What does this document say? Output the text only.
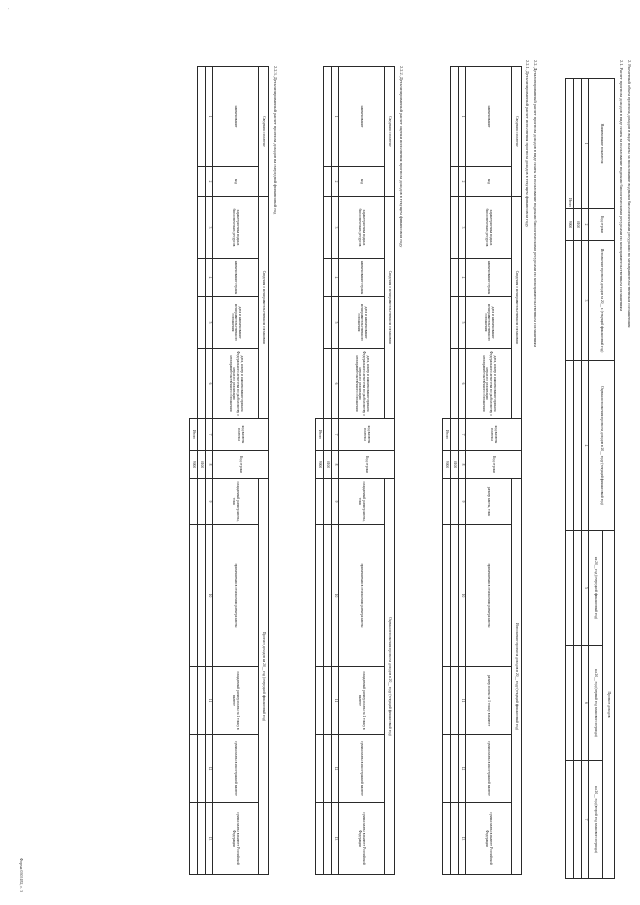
Форма 0505182, с. 3
·
2. Расчетный объем прогноза доходов в виде платы за пользование водными биологическими ресурсами по межправительственным соглашениям
2.1. Расчет прогноза доходов в виде платы за пользование водными биологическими ресурсами по межправительственным соглашениям
Наименование показателя	Код строки	Исполнение прогноза доходов за 20__ г. (текущий финансовый год)	Оценка исполнения прогноза доходов в 20__ году (текущий финансовый год)	Прогноз доходов		
				на 20__ год (очередной финансовый год)	на 20__ год (первый год планового периода)	на 20__ год (второй год планового периода)
1	2	3	4	5	6	7
	0100					
Итого	9000					
2.2. Детализированный расчет прогноза доходов в виде платы за пользование водными биологическими ресурсами по межправительственным соглашениям
2.2.1. Детализированный расчет исполнения прогноза доходов в текущем финансовом году
Сведения о платеже		Сведения о межправительственном соглашении				код валюты платежа	Код строки	Исполнение прогноза доходов в 20__ году (текущий финансовый год)				
наименование	код	характеристика водных биологических ресурсов	наименование страны	дата и наименование межправительственного соглашения	дата, номер и наименование приказа Федерального агентства по рыболовству о мерах по реализации межправительственного соглашения			размер квоты, тонн	применяемая в отношении размера квоты	размер платы за 1 тонну в валюте	сумма платы в иностранной валюте	сумма платы в валюте Российской Федерации
1	2	3	4	5	6	7	8	9	10	11	12	13
							0100					
						Итого	9000					
2.2.2. Детализированный расчет оценки исполнения прогноза доходов в текущем финансовом году
Сведения о платеже		Сведения о межправительственном соглашении				код валюты платежа	Код строки	Оценка исполнения прогноза доходов в 20__ году (текущий финансовый год)				
наименование	код	характеристика водных биологических ресурсов	наименование страны	дата и наименование межправительственного соглашения	дата, номер и наименование приказа Федерального агентства по рыболовству о мерах по реализации межправительственного соглашения			ожидаемый размер квоты, тонн	применяемая в отношении размера квоты	ожидаемый размер платы за 1 тонну в валюте	сумма платы в иностранной валюте	сумма платы в валюте Российской Федерации
1	2	3	4	5	6	7	8	9	10	11	12	13
							0100					
						Итого	9000					
2.2.3. Детализированный расчет прогноза доходов на очередной финансовый год
Сведения о платеже		Сведения о межправительственном соглашении				код валюты платежа	Код строки	Прогноз доходов на 20__ год (очередной финансовый год)				
наименование	код	характеристика водных биологических ресурсов	наименование страны	дата и наименование межправительственного соглашения	дата, номер и наименование приказа Федерального агентства по рыболовству о мерах по реализации межправительственного соглашения			ожидаемый размер квоты, тонн	применяемая в отношении размера квоты	ожидаемый размер платы за 1 тонну в валюте	сумма платы в иностранной валюте	сумма платы в валюте Российской Федерации
1	2	3	4	5	6	7	8	9	10	11	12	13
							0100					
						Итого	9000					
